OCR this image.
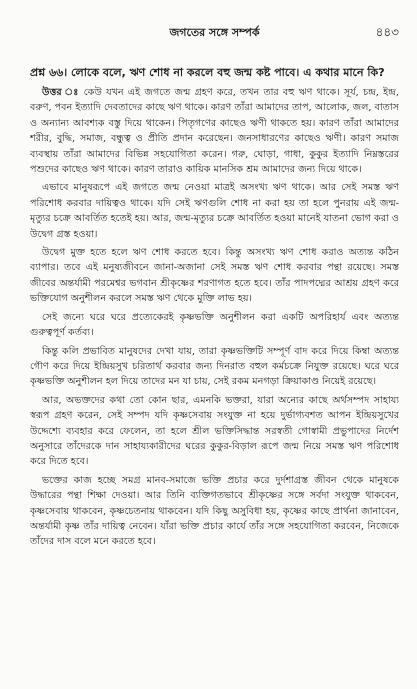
জগতের সঙ্গে সম্পর্ক	৪৪৩

প্রশ্ন ৬৬। লোকে বলে, ঋণ শোধ না করলে বহু জন্ম কষ্ট পাবে। এ কথার মানে কি?

উত্তর ঃ কেউ যখন এই জগতে জন্ম গ্রহণ করে, তখন তার বহু ঋণ থাকে। সূর্য, চন্দ্র, ইন্দ্র, বরুণ, পবন ইত্যাদি দেবতাদের কাছে ঋণ থাকে। কারণ তাঁরা আমাদের তাপ, আলোক, জল, বাতাস ও অন্যান্য আবশ্যক বস্তু দিয়ে থাকেন। পিতৃগণের কাছেও ঋণী থাকতে হয়। কারণ তাঁরা আমাদের শরীর, বুদ্ধি, সমাজ, বন্ধুত্ব ও প্রীতি প্রদান করেছেন। জনসাধারণের কাছেও ঋণী। কারণ সমাজ ব্যবস্থায় তাঁরা আমাদের বিভিন্ন সহযোগিতা করেন। গরু, ঘোড়া, গাধা, কুকুর ইত্যাদি নিম্নস্তরের পশুদের কাছেও ঋণ থাকে। কারণ তারাও কায়িক মানসিক শ্রম আমাদের জন্য দিয়ে থাকে।

এভাবে মানুষরূপে এই জগতে জন্ম নেওয়া মাত্রই অসংখ্য ঋণ থাকে। আর সেই সমস্ত ঋণ পরিশোধ করবার দায়িত্বও থাকে। যদি সেই ঋণগুলি শোধ না করা হয় তা হলে পুনরায় এই জন্ম-মৃত্যুর চক্রে আবর্তিত হতেই হয়। আর, জন্ম-মৃত্যুর চক্রে আবর্তিত হওয়া মানেই যাতনা ভোগ করা ও উদ্বেগ গ্রস্ত হওয়া।

উদ্বেগ মুক্ত হতে হলে ঋণ শোধ করতে হবে। কিন্তু অসংখ্য ঋণ শোধ করাও অত্যন্ত কঠিন ব্যাপার। তবে এই মনুষ্যজীবনে জানা-অজানা সেই সমস্ত ঋণ শোধ করবার পন্থা রয়েছে। সমস্ত জীবের অন্তর্যামী পরমেশ্বর ভগবান শ্রীকৃষ্ণের শরণাগত হতে হবে। তাঁর পাদপদ্মের আশ্রয় গ্রহণ করে ভক্তিযোগ অনুশীলন করলে সমস্ত ঋণ থেকে মুক্তি লাভ হয়।

সেই জন্যে ঘরে ঘরে প্রত্যেকেরই কৃষ্ণভক্তি অনুশীলন করা একটি অপরিহার্য এবং অত্যন্ত গুরুত্বপূর্ণ কর্তব্য।

কিন্তু কলি প্রভাবিত মানুষদের দেখা যায়, তারা কৃষ্ণভক্তিটি সম্পূর্ণ বাদ করে দিয়ে কিম্বা অত্যন্ত গৌণ করে দিয়ে ইন্দ্রিয়সুখ চরিতার্থ করবার জন্য দিনরাত বহুল কর্মচক্রে নিযুক্ত রয়েছে। ঘরে ঘরে কৃষ্ণভক্তি অনুশীলন হল দিয়ে তাদের মন যা চায়, সেই রকম মনগড়া ক্রিয়াকাণ্ড নিয়েই রয়েছে।

আর, অভক্তদের কথা তো কোন ছার, এমনকি ভক্তরা, যারা অন্যের কাছে অর্থসম্পদ সাহায্য স্বরূপ গ্রহণ করেন, সেই সম্পদ যদি কৃষ্ণসেবায় সংযুক্ত না হয়ে দুর্ভাগ্যবশত আপন ইন্দ্রিয়সুখের উদ্দেশ্যে ব্যবহার করে ফেলেন, তা হলে শ্রীল ভক্তিসিদ্ধান্ত সরস্বতী গোস্বামী প্রভুপাদের নির্দেশ অনুসারে তাঁদেরকে দান সাহায্যকারীদের ঘরের কুকুর-বিড়াল রূপে জন্ম নিয়ে সমস্ত ঋণ পরিশোধ করে দিতে হবে।

ভক্তের কাজ হচ্ছে সমগ্র মানব-সমাজে ভক্তি প্রচার করে দুর্দশাগ্রস্ত জীবন থেকে মানুষকে উদ্ধারের পন্থা শিক্ষা দেওয়া। আর তিনি ব্যক্তিগতভাবে শ্রীকৃষ্ণের সঙ্গে সর্বদা সংযুক্ত থাকবেন, কৃষ্ণসেবায় থাকবেন, কৃষ্ণচেতনায় থাকবেন। যদি কিছু অসুবিধা হয়, কৃষ্ণের কাছে প্রার্থনা জানাবেন, অন্তর্যামী কৃষ্ণ তাঁর দায়িত্ব নেবেন। যাঁরা ভক্তি প্রচার কার্যে তাঁর সঙ্গে সহযোগিতা করবেন, নিজেকে তাঁদের দাস বলে মনে করতে হবে।
